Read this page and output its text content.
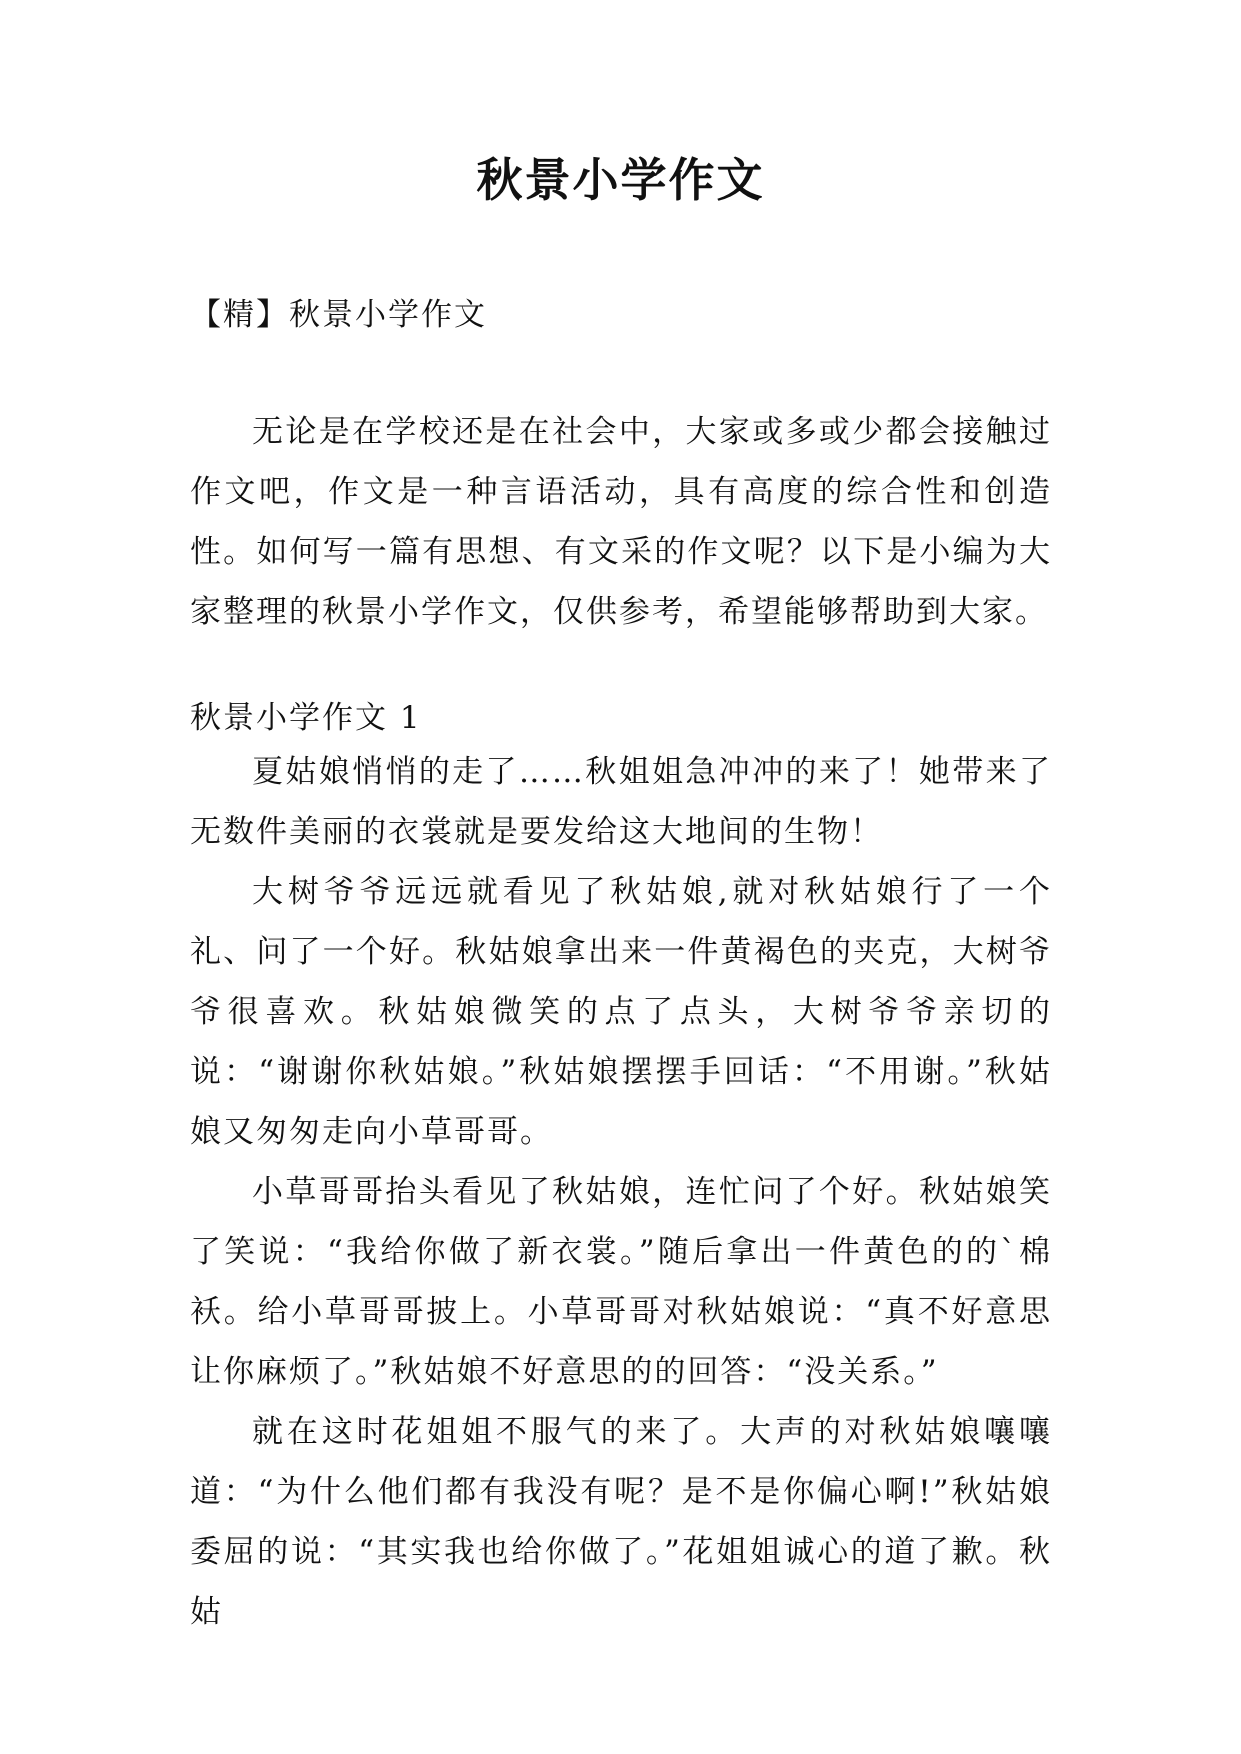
秋景小学作文
【精】秋景小学作文

无论是在学校还是在社会中，大家或多或少都会接触过作文吧，作文是一种言语活动，具有高度的综合性和创造性。如何写一篇有思想、有文采的作文呢？以下是小编为大家整理的秋景小学作文，仅供参考，希望能够帮助到大家。

秋景小学作文 1

夏姑娘悄悄的走了……秋姐姐急冲冲的来了！她带来了无数件美丽的衣裳就是要发给这大地间的生物！

大树爷爷远远就看见了秋姑娘,就对秋姑娘行了一个礼、问了一个好。秋姑娘拿出来一件黄褐色的夹克，大树爷爷很喜欢。秋姑娘微笑的点了点头，大树爷爷亲切的说：“谢谢你秋姑娘。”秋姑娘摆摆手回话：“不用谢。”秋姑娘又匆匆走向小草哥哥。

小草哥哥抬头看见了秋姑娘，连忙问了个好。秋姑娘笑了笑说：“我给你做了新衣裳。”随后拿出一件黄色的的`棉袄。给小草哥哥披上。小草哥哥对秋姑娘说：“真不好意思让你麻烦了。”秋姑娘不好意思的的回答：“没关系。”

就在这时花姐姐不服气的来了。大声的对秋姑娘嚷嚷道：“为什么他们都有我没有呢？是不是你偏心啊!”秋姑娘委屈的说：“其实我也给你做了。”花姐姐诚心的道了歉。秋姑
